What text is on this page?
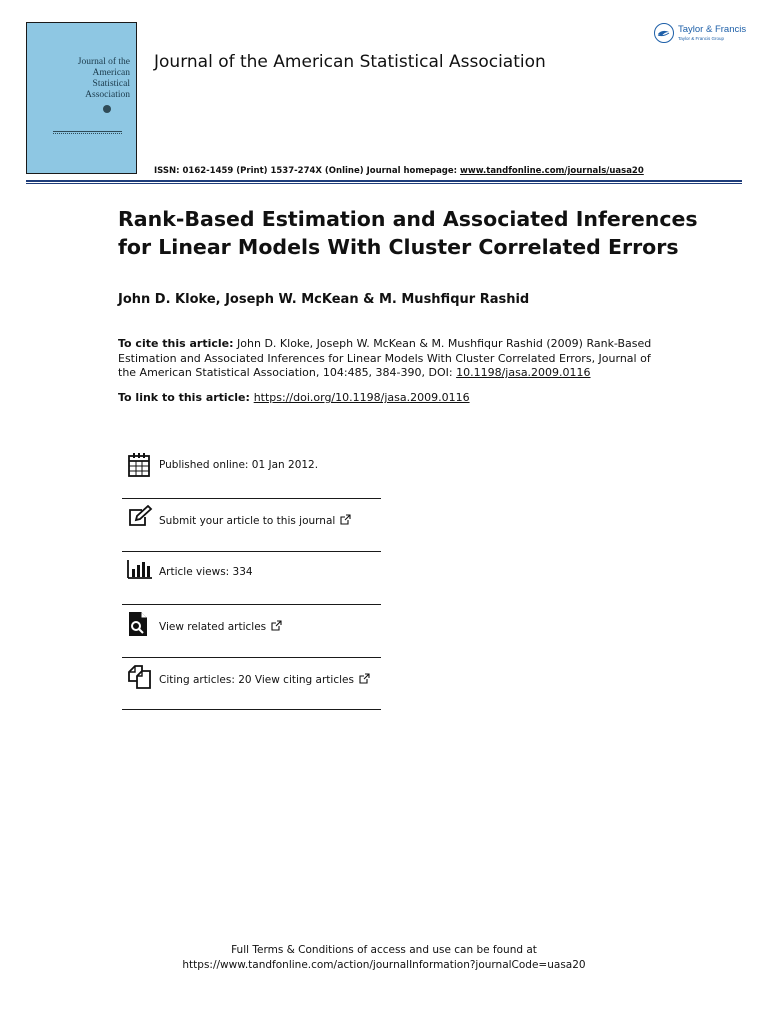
Journal of the
American
Statistical
Association
Journal of the American Statistical Association
Taylor & Francis
Taylor & Francis Group
ISSN: 0162-1459 (Print) 1537-274X (Online) Journal homepage: www.tandfonline.com/journals/uasa20
Rank-Based Estimation and Associated Inferences
for Linear Models With Cluster Correlated Errors
John D. Kloke, Joseph W. McKean & M. Mushfiqur Rashid
To cite this article: John D. Kloke, Joseph W. McKean & M. Mushfiqur Rashid (2009) Rank-Based Estimation and Associated Inferences for Linear Models With Cluster Correlated Errors, Journal of the American Statistical Association, 104:485, 384-390, DOI: 10.1198/jasa.2009.0116
To link to this article: https://doi.org/10.1198/jasa.2009.0116
Published online: 01 Jan 2012.
Submit your article to this journal
Article views: 334
View related articles
Citing articles: 20 View citing articles
Full Terms & Conditions of access and use can be found at
https://www.tandfonline.com/action/journalInformation?journalCode=uasa20
